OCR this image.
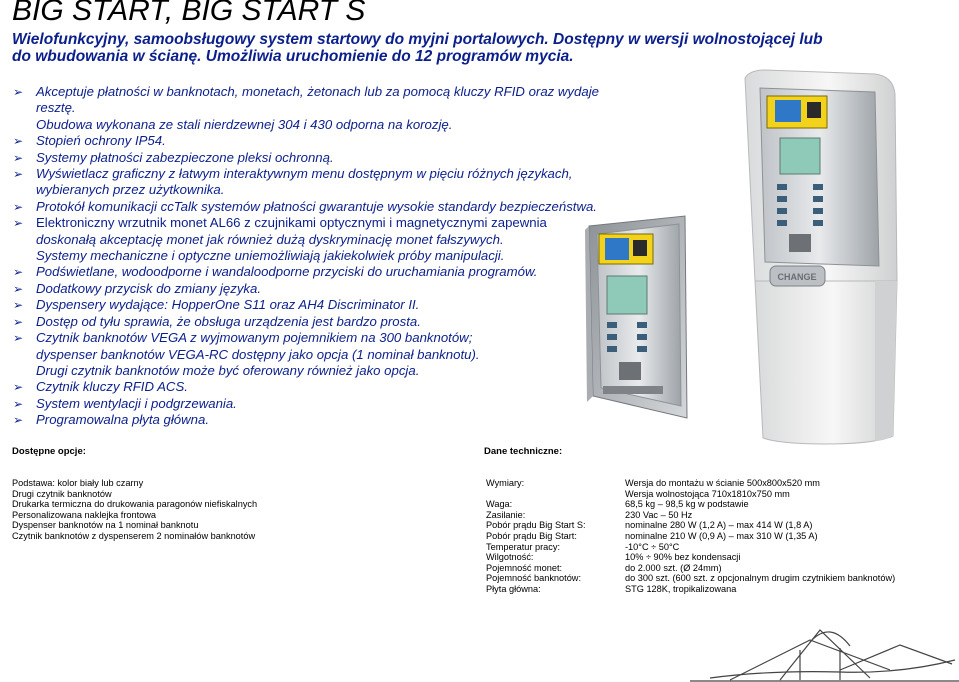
BIG START, BIG START S
Wielofunkcyjny, samoobsługowy system startowy do myjni portalowych. Dostępny w wersji wolnostojącej lub do wbudowania w ścianę. Umożliwia uruchomienie do 12 programów mycia.
➢ Akceptuje płatności w banknotach, monetach, żetonach lub za pomocą kluczy RFID oraz wydaje resztę.
Obudowa wykonana ze stali nierdzewnej 304 i 430 odporna na korozję.
➢ Stopień ochrony IP54.
➢ Systemy płatności zabezpieczone pleksi ochronną.
➢ Wyświetlacz graficzny z łatwym interaktywnym menu dostępnym w pięciu różnych językach,
wybieranych przez użytkownika.
➢ Protokół komunikacji ccTalk systemów płatności gwarantuje wysokie standardy bezpieczeństwa.
➢ Elektroniczny wrzutnik monet AL66 z czujnikami optycznymi i magnetycznymi zapewnia
doskonałą akceptację monet jak również dużą dyskryminację monet fałszywych.
Systemy mechaniczne i optyczne uniemożliwiają jakiekolwiek próby manipulacji.
➢ Podświetlane, wodoodporne i wandaloodporne przyciski do uruchamiania programów.
➢ Dodatkowy przycisk do zmiany języka.
➢ Dyspensery wydające: HopperOne S11 oraz AH4 Discriminator II.
➢ Dostęp od tyłu sprawia, że obsługa urządzenia jest bardzo prosta.
➢ Czytnik banknotów VEGA z wyjmowanym pojemnikiem na 300 banknotów;
dyspenser banknotów VEGA-RC dostępny jako opcja (1 nominał banknotu).
Drugi czytnik banknotów może być oferowany również jako opcja.
➢ Czytnik kluczy RFID ACS.
➢ System wentylacji i podgrzewania.
➢ Programowalna płyta główna.
CHANGE
Dostępne opcje:	Dane techniczne:
Podstawa: kolor biały lub czarny
Drugi czytnik banknotów
Drukarka termiczna do drukowania paragonów niefiskalnych
Personalizowana naklejka frontowa
Dyspenser banknotów na 1 nominał banknotu
Czytnik banknotów z dyspenserem 2 nominałów banknotów
Wymiary:

Waga:
Zasilanie:
Pobór prądu Big Start S:
Pobór prądu Big Start:
Temperatur pracy:
Wilgotność:
Pojemność monet:
Pojemność banknotów:
Płyta główna:
Wersja do montażu w ścianie 500x800x520 mm
Wersja wolnostojąca 710x1810x750 mm
68,5 kg – 98,5 kg w podstawie
230 Vac – 50 Hz
nominalne 280 W (1,2 A) – max 414 W (1,8 A)
nominalne 210 W (0,9 A) – max 310 W (1,35 A)
-10°C ÷ 50°C
10% ÷ 90% bez kondensacji
do 2.000 szt. (Ø 24mm)
do 300 szt. (600 szt. z opcjonalnym drugim czytnikiem banknotów)
STG 128K, tropikalizowana
